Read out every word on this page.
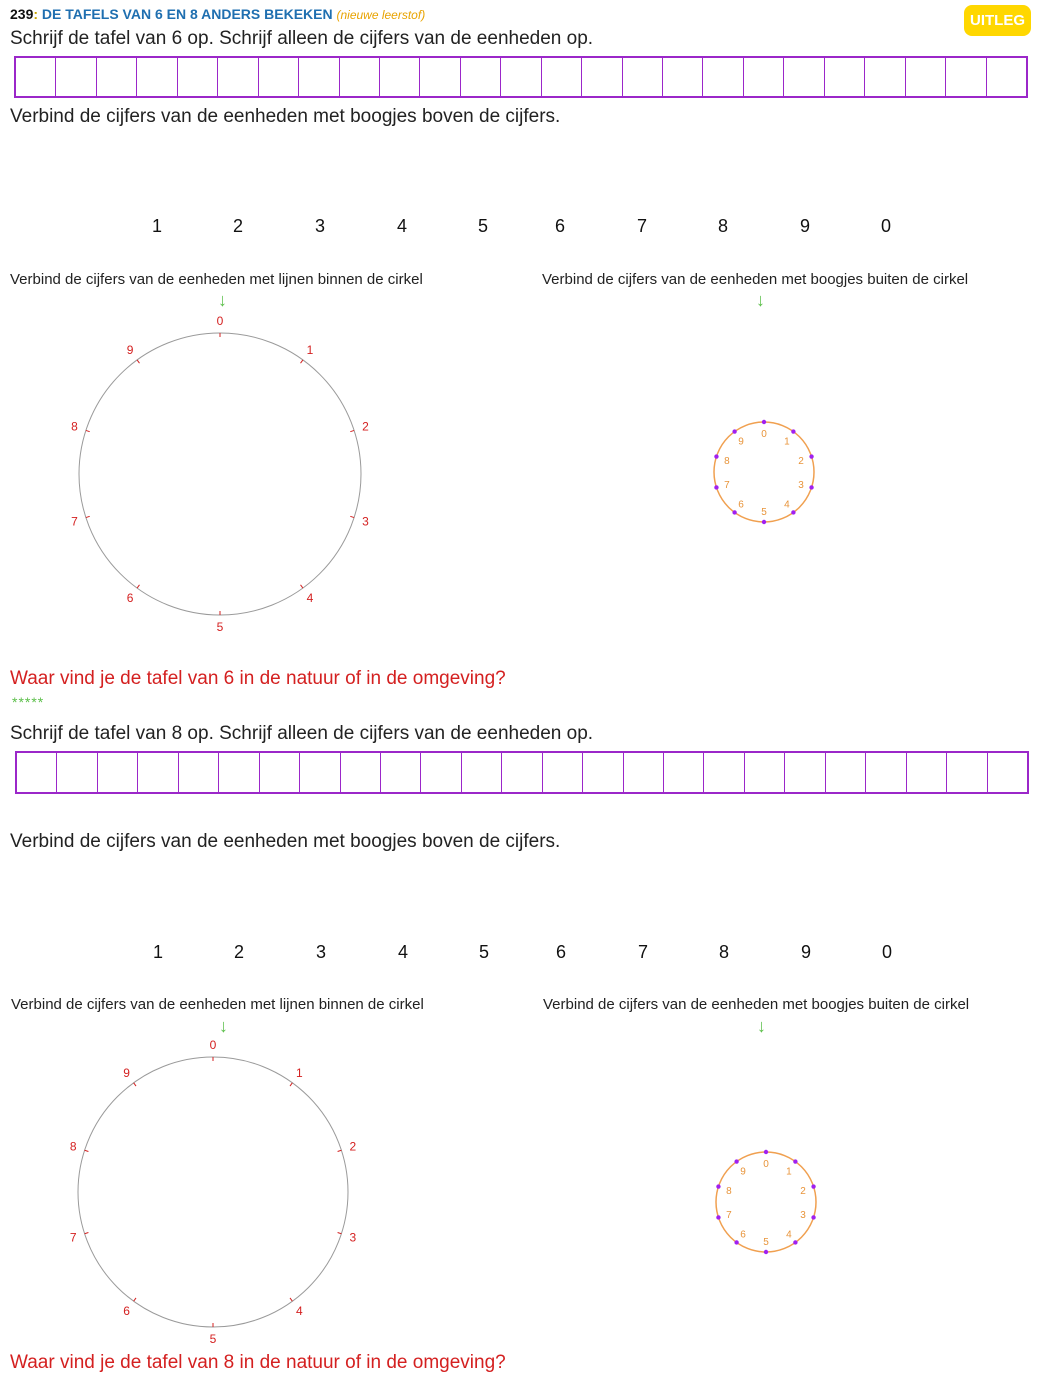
239: DE TAFELS VAN 6 EN 8 ANDERS BEKEKEN (nieuwe leerstof)	UITLEG
Schrijf de tafel van 6 op. Schrijf alleen de cijfers van de eenheden op.
Verbind de cijfers van de eenheden met boogjes boven de cijfers.
1	2	3	4	5	6	7	8	9	0
Verbind de cijfers van de eenheden met lijnen binnen de cirkel
↓
Verbind de cijfers van de eenheden met boogjes buiten de cirkel
↓
0
1
2
3
4
5
6
7
8
9
0
1
2
3
4
5
6
7
8
9
Waar vind je de tafel van 6 in de natuur of in de omgeving?
*****
Schrijf de tafel van 8 op. Schrijf alleen de cijfers van de eenheden op.
Verbind de cijfers van de eenheden met boogjes boven de cijfers.
1	2	3	4	5	6	7	8	9	0
Verbind de cijfers van de eenheden met lijnen binnen de cirkel
↓
Verbind de cijfers van de eenheden met boogjes buiten de cirkel
↓
0
1
2
3
4
5
6
7
8
9
0
1
2
3
4
5
6
7
8
9
Waar vind je de tafel van 8 in de natuur of in de omgeving?
